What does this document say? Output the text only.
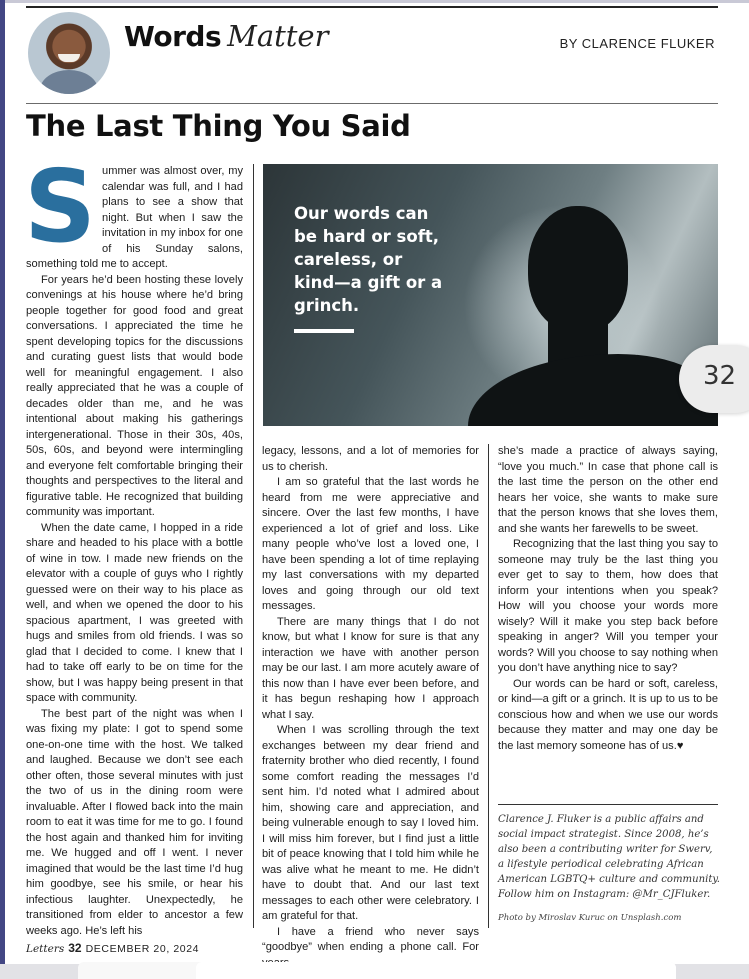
Words Matter	BY CLARENCE FLUKER
The Last Thing You Said
S ummer was almost over, my calendar was full, and I had plans to see a show that night. But when I saw the invitation in my inbox for one of his Sunday salons, something told me to accept.

For years he’d been hosting these lovely convenings at his house where he’d bring people together for good food and great conversations. I appreciated the time he spent developing topics for the discussions and curating guest lists that would bode well for meaningful engagement. I also really appreciated that he was a couple of decades older than me, and he was intentional about making his gatherings intergenerational. Those in their 30s, 40s, 50s, 60s, and beyond were intermingling and everyone felt comfortable bringing their thoughts and perspectives to the literal and figurative table. He recognized that building community was important.

When the date came, I hopped in a ride share and headed to his place with a bottle of wine in tow. I made new friends on the elevator with a couple of guys who I rightly guessed were on their way to his place as well, and when we opened the door to his spacious apartment, I was greeted with hugs and smiles from old friends. I was so glad that I decided to come. I knew that I had to take off early to be on time for the show, but I was happy being present in that space with community.

The best part of the night was when I was fixing my plate: I got to spend some one-on-one time with the host. We talked and laughed. Because we don’t see each other often, those several minutes with just the two of us in the dining room were invaluable. After I flowed back into the main room to eat it was time for me to go. I found the host again and thanked him for inviting me. We hugged and off I went. I never imagined that would be the last time I’d hug him goodbye, see his smile, or hear his infectious laughter. Unexpectedly, he transitioned from elder to ancestor a few weeks ago. He’s left his

Our words can be hard or soft, careless, or kind—a gift or a grinch.
32

legacy, lessons, and a lot of memories for us to cherish.

I am so grateful that the last words he heard from me were appreciative and sincere. Over the last few months, I have experienced a lot of grief and loss. Like many people who’ve lost a loved one, I have been spending a lot of time replaying my last conversations with my departed loves and going through our old text messages.

There are many things that I do not know, but what I know for sure is that any interaction we have with another person may be our last. I am more acutely aware of this now than I have ever been before, and it has begun reshaping how I approach what I say.

When I was scrolling through the text exchanges between my dear friend and fraternity brother who died recently, I found some comfort reading the messages I’d sent him. I’d noted what I admired about him, showing care and appreciation, and being vulnerable enough to say I loved him. I will miss him forever, but I find just a little bit of peace knowing that I told him while he was alive what he meant to me. He didn’t have to doubt that. And our last text messages to each other were celebratory. I am grateful for that.

I have a friend who never says “goodbye” when ending a phone call. For

she’s made a practice of always saying, “love you much.” In case that phone call is the last time the person on the other end hears her voice, she wants to make sure that the person knows that she loves them, and she wants her farewells to be sweet.

Recognizing that the last thing you say to someone may truly be the last thing you ever get to say to them, how does that inform your intentions when you speak? How will you choose your words more wisely? Will it make you step back before speaking in anger? Will you temper your words? Will you choose to say nothing when you don’t have anything nice to say?

Our words can be hard or soft, careless, or kind—a gift or a grinch. It is up to us to be conscious how and when we use our words because they matter and may one day be the last memory someone has of us.♥

Clarence J. Fluker is a public affairs and social impact strategist. Since 2008, he’s also been a contributing writer for Swerv, a lifestyle periodical celebrating African American LGBTQ+ culture and community. Follow him on Instagram: @Mr_CJFluker.
Photo by Miroslav Kuruc on Unsplash.com
Letters 32 DECEMBER 20, 2024
